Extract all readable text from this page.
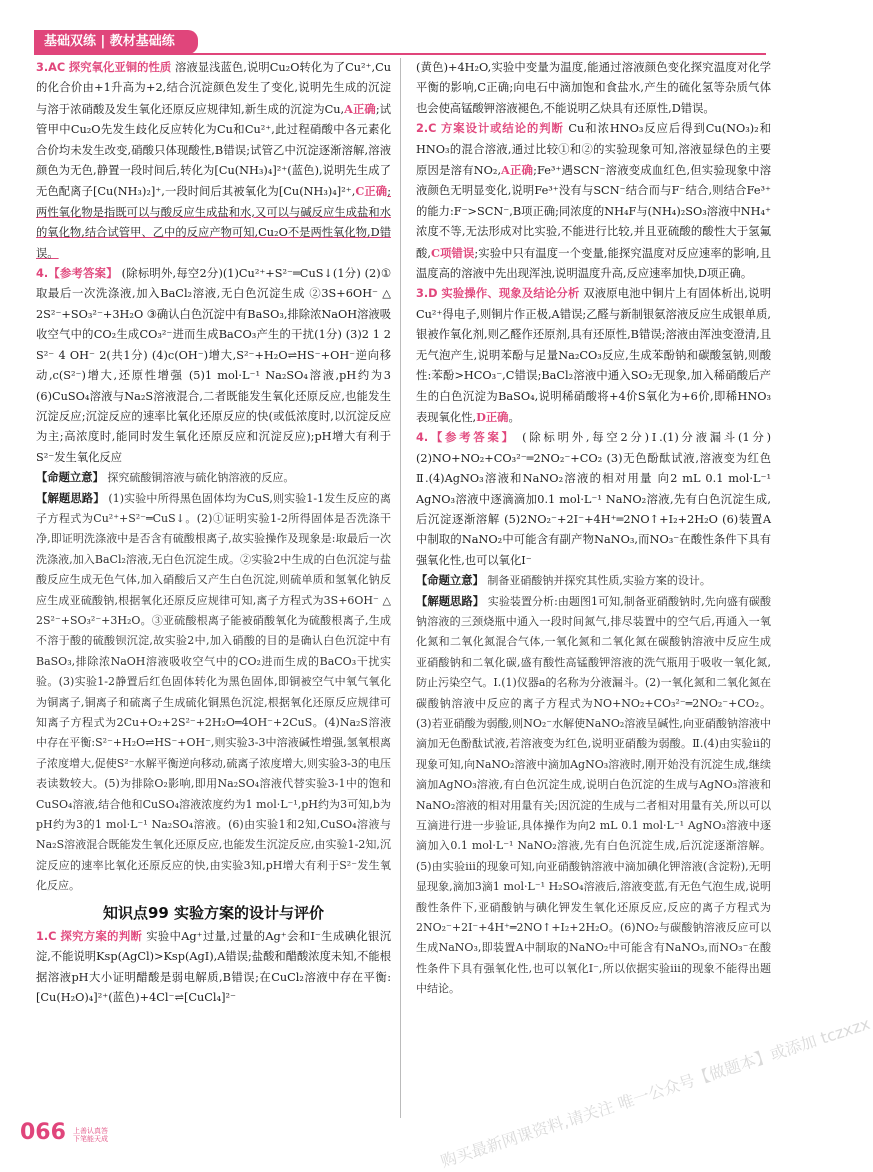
基础双练 | 教材基础练

3.AC 探究氧化亚铜的性质 溶液显浅蓝色,说明Cu₂O转化为了Cu²⁺,Cu的化合价由+1升高为+2,结合沉淀颜色发生了变化,说明先生成的沉淀与溶于浓硝酸及发生氧化还原反应规律知,新生成的沉淀为Cu,A正确;试管甲中Cu₂O先发生歧化反应转化为Cu和Cu²⁺,此过程硝酸中各元素化合价均未发生改变,硝酸只体现酸性,B错误;试管乙中沉淀逐渐溶解,溶液颜色为无色,静置一段时间后,转化为[Cu(NH₃)₄]²⁺(蓝色),说明先生成了无色配离子[Cu(NH₃)₂]⁺,一段时间后其被氧化为[Cu(NH₃)₄]²⁺,C正确;两性氧化物是指既可以与酸反应生成盐和水,又可以与碱反应生成盐和水的氧化物,结合试管甲、乙中的反应产物可知,Cu₂O不是两性氧化物,D错误。

4.【参考答案】 (除标明外,每空2分)(1)Cu²⁺+S²⁻═CuS↓(1分) (2)①取最后一次洗涤液,加入BaCl₂溶液,无白色沉淀生成 ②3S+6OH⁻ △ 2S²⁻+SO₃²⁻+3H₂O ③确认白色沉淀中有BaSO₃,排除浓NaOH溶液吸收空气中的CO₂生成CO₃²⁻进而生成BaCO₃产生的干扰(1分) (3)2 1 2 S²⁻ 4 OH⁻ 2(共1分) (4)c(OH⁻)增大,S²⁻+H₂O⇌HS⁻+OH⁻逆向移动,c(S²⁻)增大,还原性增强 (5)1 mol·L⁻¹ Na₂SO₄溶液,pH约为3 (6)CuSO₄溶液与Na₂S溶液混合,二者既能发生氧化还原反应,也能发生沉淀反应;沉淀反应的速率比氧化还原反应的快(或低浓度时,以沉淀反应为主;高浓度时,能同时发生氧化还原反应和沉淀反应);pH增大有利于S²⁻发生氧化反应

【命题立意】 探究硫酸铜溶液与硫化钠溶液的反应。

【解题思路】 (1)实验中所得黑色固体均为CuS,则实验1-1发生反应的离子方程式为Cu²⁺+S²⁻═CuS↓。(2)①证明实验1-2所得固体是否洗涤干净,即证明洗涤液中是否含有硫酸根离子,故实验操作及现象是:取最后一次洗涤液,加入BaCl₂溶液,无白色沉淀生成。②实验2中生成的白色沉淀与盐酸反应生成无色气体,加入硝酸后又产生白色沉淀,则硫单质和氢氧化钠反应生成亚硫酸钠,根据氧化还原反应规律可知,离子方程式为3S+6OH⁻ △ 2S²⁻+SO₃²⁻+3H₂O。③亚硫酸根离子能被硝酸氧化为硫酸根离子,生成不溶于酸的硫酸钡沉淀,故实验2中,加入硝酸的目的是确认白色沉淀中有BaSO₃,排除浓NaOH溶液吸收空气中的CO₂进而生成的BaCO₃干扰实验。(3)实验1-2静置后红色固体转化为黑色固体,即铜被空气中氧气氧化为铜离子,铜离子和硫离子生成硫化铜黑色沉淀,根据氧化还原反应规律可知离子方程式为2Cu+O₂+2S²⁻+2H₂O═4OH⁻+2CuS。(4)Na₂S溶液中存在平衡:S²⁻+H₂O⇌HS⁻+OH⁻,则实验3-3中溶液碱性增强,氢氧根离子浓度增大,促使S²⁻水解平衡逆向移动,硫离子浓度增大,则实验3-3的电压表读数较大。(5)为排除O₂影响,即用Na₂SO₄溶液代替实验3-1中的饱和CuSO₄溶液,结合他和CuSO₄溶液浓度约为1 mol·L⁻¹,pH约为3可知,b为pH约为3的1 mol·L⁻¹ Na₂SO₄溶液。(6)由实验1和2知,CuSO₄溶液与Na₂S溶液混合既能发生氧化还原反应,也能发生沉淀反应,由实验1-2知,沉淀反应的速率比氧化还原反应的快,由实验3知,pH增大有利于S²⁻发生氧化反应。

知识点99 实验方案的设计与评价

1.C 探究方案的判断 实验中Ag⁺过量,过量的Ag⁺会和I⁻生成碘化银沉淀,不能说明Ksp(AgCl)>Ksp(AgI),A错误;盐酸和醋酸浓度未知,不能根据溶液pH大小证明醋酸是弱电解质,B错误;在CuCl₂溶液中存在平衡:[Cu(H₂O)₄]²⁺(蓝色)+4Cl⁻⇌[CuCl₄]²⁻

(黄色)+4H₂O,实验中变量为温度,能通过溶液颜色变化探究温度对化学平衡的影响,C正确;向电石中滴加饱和食盐水,产生的硫化氢等杂质气体也会使高锰酸钾溶液褪色,不能说明乙炔具有还原性,D错误。

2.C 方案设计或结论的判断 Cu和浓HNO₃反应后得到Cu(NO₃)₂和HNO₃的混合溶液,通过比较①和②的实验现象可知,溶液显绿色的主要原因是溶有NO₂,A正确;Fe³⁺遇SCN⁻溶液变成血红色,但实验现象中溶液颜色无明显变化,说明Fe³⁺没有与SCN⁻结合而与F⁻结合,则结合Fe³⁺的能力:F⁻>SCN⁻,B项正确;同浓度的NH₄F与(NH₄)₂SO₃溶液中NH₄⁺浓度不等,无法形成对比实验,不能进行比较,并且亚硫酸的酸性大于氢氟酸,C项错误;实验中只有温度一个变量,能探究温度对反应速率的影响,且温度高的溶液中先出现浑浊,说明温度升高,反应速率加快,D项正确。

3.D 实验操作、现象及结论分析 双液原电池中铜片上有固体析出,说明Cu²⁺得电子,则铜片作正极,A错误;乙醛与新制银氨溶液反应生成银单质,银被作氧化剂,则乙醛作还原剂,具有还原性,B错误;溶液由浑浊变澄清,且无气泡产生,说明苯酚与足量Na₂CO₃反应,生成苯酚钠和碳酸氢钠,则酸性:苯酚>HCO₃⁻,C错误;BaCl₂溶液中通入SO₂无现象,加入稀硝酸后产生的白色沉淀为BaSO₄,说明稀硝酸将+4价S氧化为+6价,即稀HNO₃表现氧化性,D正确。

4.【参考答案】 (除标明外,每空2分)Ⅰ.(1)分液漏斗(1分) (2)NO+NO₂+CO₃²⁻═2NO₂⁻+CO₂ (3)无色酚酞试液,溶液变为红色 Ⅱ.(4)AgNO₃溶液和NaNO₂溶液的相对用量 向2 mL 0.1 mol·L⁻¹ AgNO₃溶液中逐滴滴加0.1 mol·L⁻¹ NaNO₂溶液,先有白色沉淀生成,后沉淀逐渐溶解 (5)2NO₂⁻+2I⁻+4H⁺═2NO↑+I₂+2H₂O (6)装置A中制取的NaNO₂中可能含有副产物NaNO₃,而NO₃⁻在酸性条件下具有强氧化性,也可以氧化I⁻

【命题立意】 制备亚硝酸钠并探究其性质,实验方案的设计。

【解题思路】 实验装置分析:由题图1可知,制备亚硝酸钠时,先向盛有碳酸钠溶液的三颈烧瓶中通入一段时间氮气,排尽装置中的空气后,再通入一氧化氮和二氧化氮混合气体,一氧化氮和二氧化氮在碳酸钠溶液中反应生成亚硝酸钠和二氧化碳,盛有酸性高锰酸钾溶液的洗气瓶用于吸收一氧化氮,防止污染空气。Ⅰ.(1)仪器a的名称为分液漏斗。(2)一氧化氮和二氧化氮在碳酸钠溶液中反应的离子方程式为NO+NO₂+CO₃²⁻═2NO₂⁻+CO₂。(3)若亚硝酸为弱酸,则NO₂⁻水解使NaNO₂溶液呈碱性,向亚硝酸钠溶液中滴加无色酚酞试液,若溶液变为红色,说明亚硝酸为弱酸。Ⅱ.(4)由实验ⅱ的现象可知,向NaNO₂溶液中滴加AgNO₃溶液时,刚开始没有沉淀生成,继续滴加AgNO₃溶液,有白色沉淀生成,说明白色沉淀的生成与AgNO₃溶液和NaNO₂溶液的相对用量有关;因沉淀的生成与二者相对用量有关,所以可以互滴进行进一步验证,具体操作为向2 mL 0.1 mol·L⁻¹ AgNO₃溶液中逐滴加入0.1 mol·L⁻¹ NaNO₂溶液,先有白色沉淀生成,后沉淀逐渐溶解。(5)由实验ⅲ的现象可知,向亚硝酸钠溶液中滴加碘化钾溶液(含淀粉),无明显现象,滴加3滴1 mol·L⁻¹ H₂SO₄溶液后,溶液变蓝,有无色气泡生成,说明酸性条件下,亚硝酸钠与碘化钾发生氧化还原反应,反应的离子方程式为2NO₂⁻+2I⁻+4H⁺═2NO↑+I₂+2H₂O。(6)NO₂与碳酸钠溶液反应可以生成NaNO₃,即装置A中制取的NaNO₂中可能含有NaNO₃,而NO₃⁻在酸性条件下具有强氧化性,也可以氧化I⁻,所以依据实验ⅲ的现象不能得出题中结论。

066 上善认真答
下笔能天成	购买最新网课资料,请关注 唯一公众号【做题本】或添加 tczxzx
